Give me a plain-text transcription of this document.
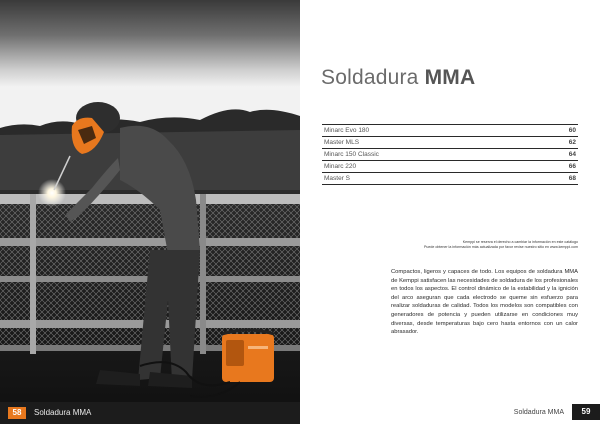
58	Soldadura MMA
Soldadura MMA
Minarc Evo 180	60
Master MLS	62
Minarc 150 Classic	64
Minarc 220	66
Master S	68
Kemppi se reserva el derecho a cambiar la información en este catálogo
Puede obtener la información más actualizada por favor revise nuestro sitio en www.kemppi.com
Compactos, ligeros y capaces de todo. Los equipos de soldadura MMA de Kemppi satisfacen las necesidades de soldadura de los profesionales en todos los aspectos. El control dinámico de la estabilidad y la ignición del arco aseguran que cada electrodo se queme sin esfuerzo para realizar soldaduras de calidad. Todos los modelos son compatibles con generadores de potencia y pueden utilizarse en condiciones muy diversas, desde temperaturas bajo cero hasta entornos con un calor abrasador.
Soldadura MMA	59
